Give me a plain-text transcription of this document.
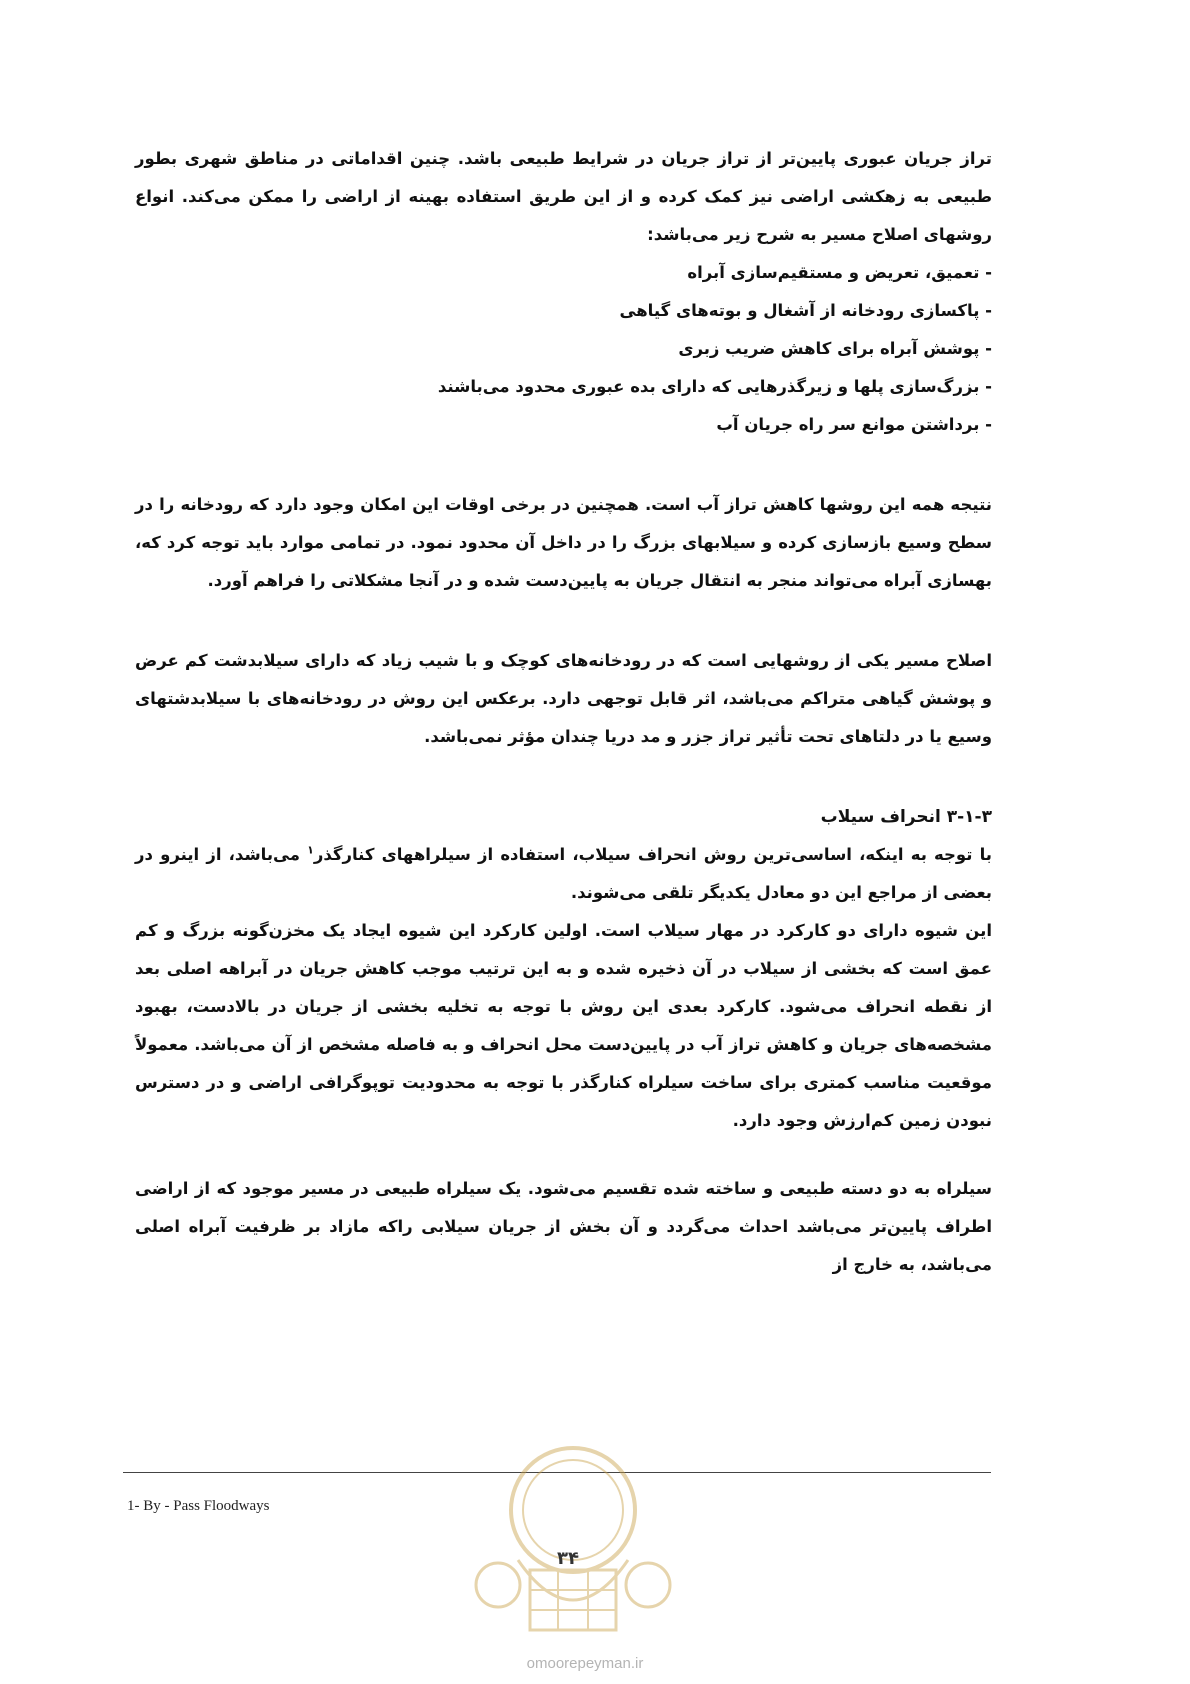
تراز جریان عبوری پایین‌تر از تراز جریان در شرایط طبیعی باشد. چنین اقداماتی در مناطق شهری بطور طبیعی به زهکشی اراضی نیز کمک کرده و از این طریق استفاده بهینه از اراضی را ممکن می‌کند. انواع روشهای اصلاح مسیر به شرح زیر می‌باشد:

- تعمیق، تعریض و مستقیم‌سازی آبراه
- پاکسازی رودخانه از آشغال و بوته‌های گیاهی
- پوشش آبراه برای کاهش ضریب زبری
- بزرگ‌سازی پلها و زیرگذرهایی که دارای بده عبوری محدود می‌باشند
- برداشتن موانع سر راه جریان آب

نتیجه همه این روشها کاهش تراز آب است. همچنین در برخی اوقات این امکان وجود دارد که رودخانه را در سطح وسیع بازسازی کرده و سیلابهای بزرگ را در داخل آن محدود نمود. در تمامی موارد باید توجه کرد که، بهسازی آبراه می‌تواند منجر به انتقال جریان به پایین‌دست شده و در آنجا مشکلاتی را فراهم آورد.

اصلاح مسیر یکی از روشهایی است که در رودخانه‌های کوچک و با شیب زیاد که دارای سیلابدشت کم عرض و پوشش گیاهی متراکم می‌باشد، اثر قابل توجهی دارد. برعکس این روش در رودخانه‌های با سیلابدشتهای وسیع یا در دلتاهای تحت تأثیر تراز جزر و مد دریا چندان مؤثر نمی‌باشد.

۳-۱-۳ انحراف سیلاب

با توجه به اینکه، اساسی‌ترین روش انحراف سیلاب، استفاده از سیلراههای کنارگذر$^۱$ می‌باشد، از اینرو در بعضی از مراجع این دو معادل یکدیگر تلقی می‌شوند.

این شیوه دارای دو کارکرد در مهار سیلاب است. اولین کارکرد این شیوه ایجاد یک مخزن‌گونه بزرگ و کم عمق است که بخشی از سیلاب در آن ذخیره شده و به این ترتیب موجب کاهش جریان در آبراهه اصلی بعد از نقطه انحراف می‌شود. کارکرد بعدی این روش با توجه به تخلیه بخشی از جریان در بالادست، بهبود مشخصه‌های جریان و کاهش تراز آب در پایین‌دست محل انحراف و به فاصله مشخص از آن می‌باشد. معمولاً موقعیت مناسب کمتری برای ساخت سیلراه کنارگذر با توجه به محدودیت توپوگرافی اراضی و در دسترس نبودن زمین کم‌ارزش وجود دارد.

سیلراه به دو دسته طبیعی و ساخته شده تقسیم می‌شود. یک سیلراه طبیعی در مسیر موجود که از اراضی اطراف پایین‌تر می‌باشد احداث می‌گردد و آن بخش از جریان سیلابی راکه مازاد بر ظرفیت آبراه اصلی می‌باشد، به خارج از

1- By - Pass Floodways
۳۴
omoorepeyman.ir
